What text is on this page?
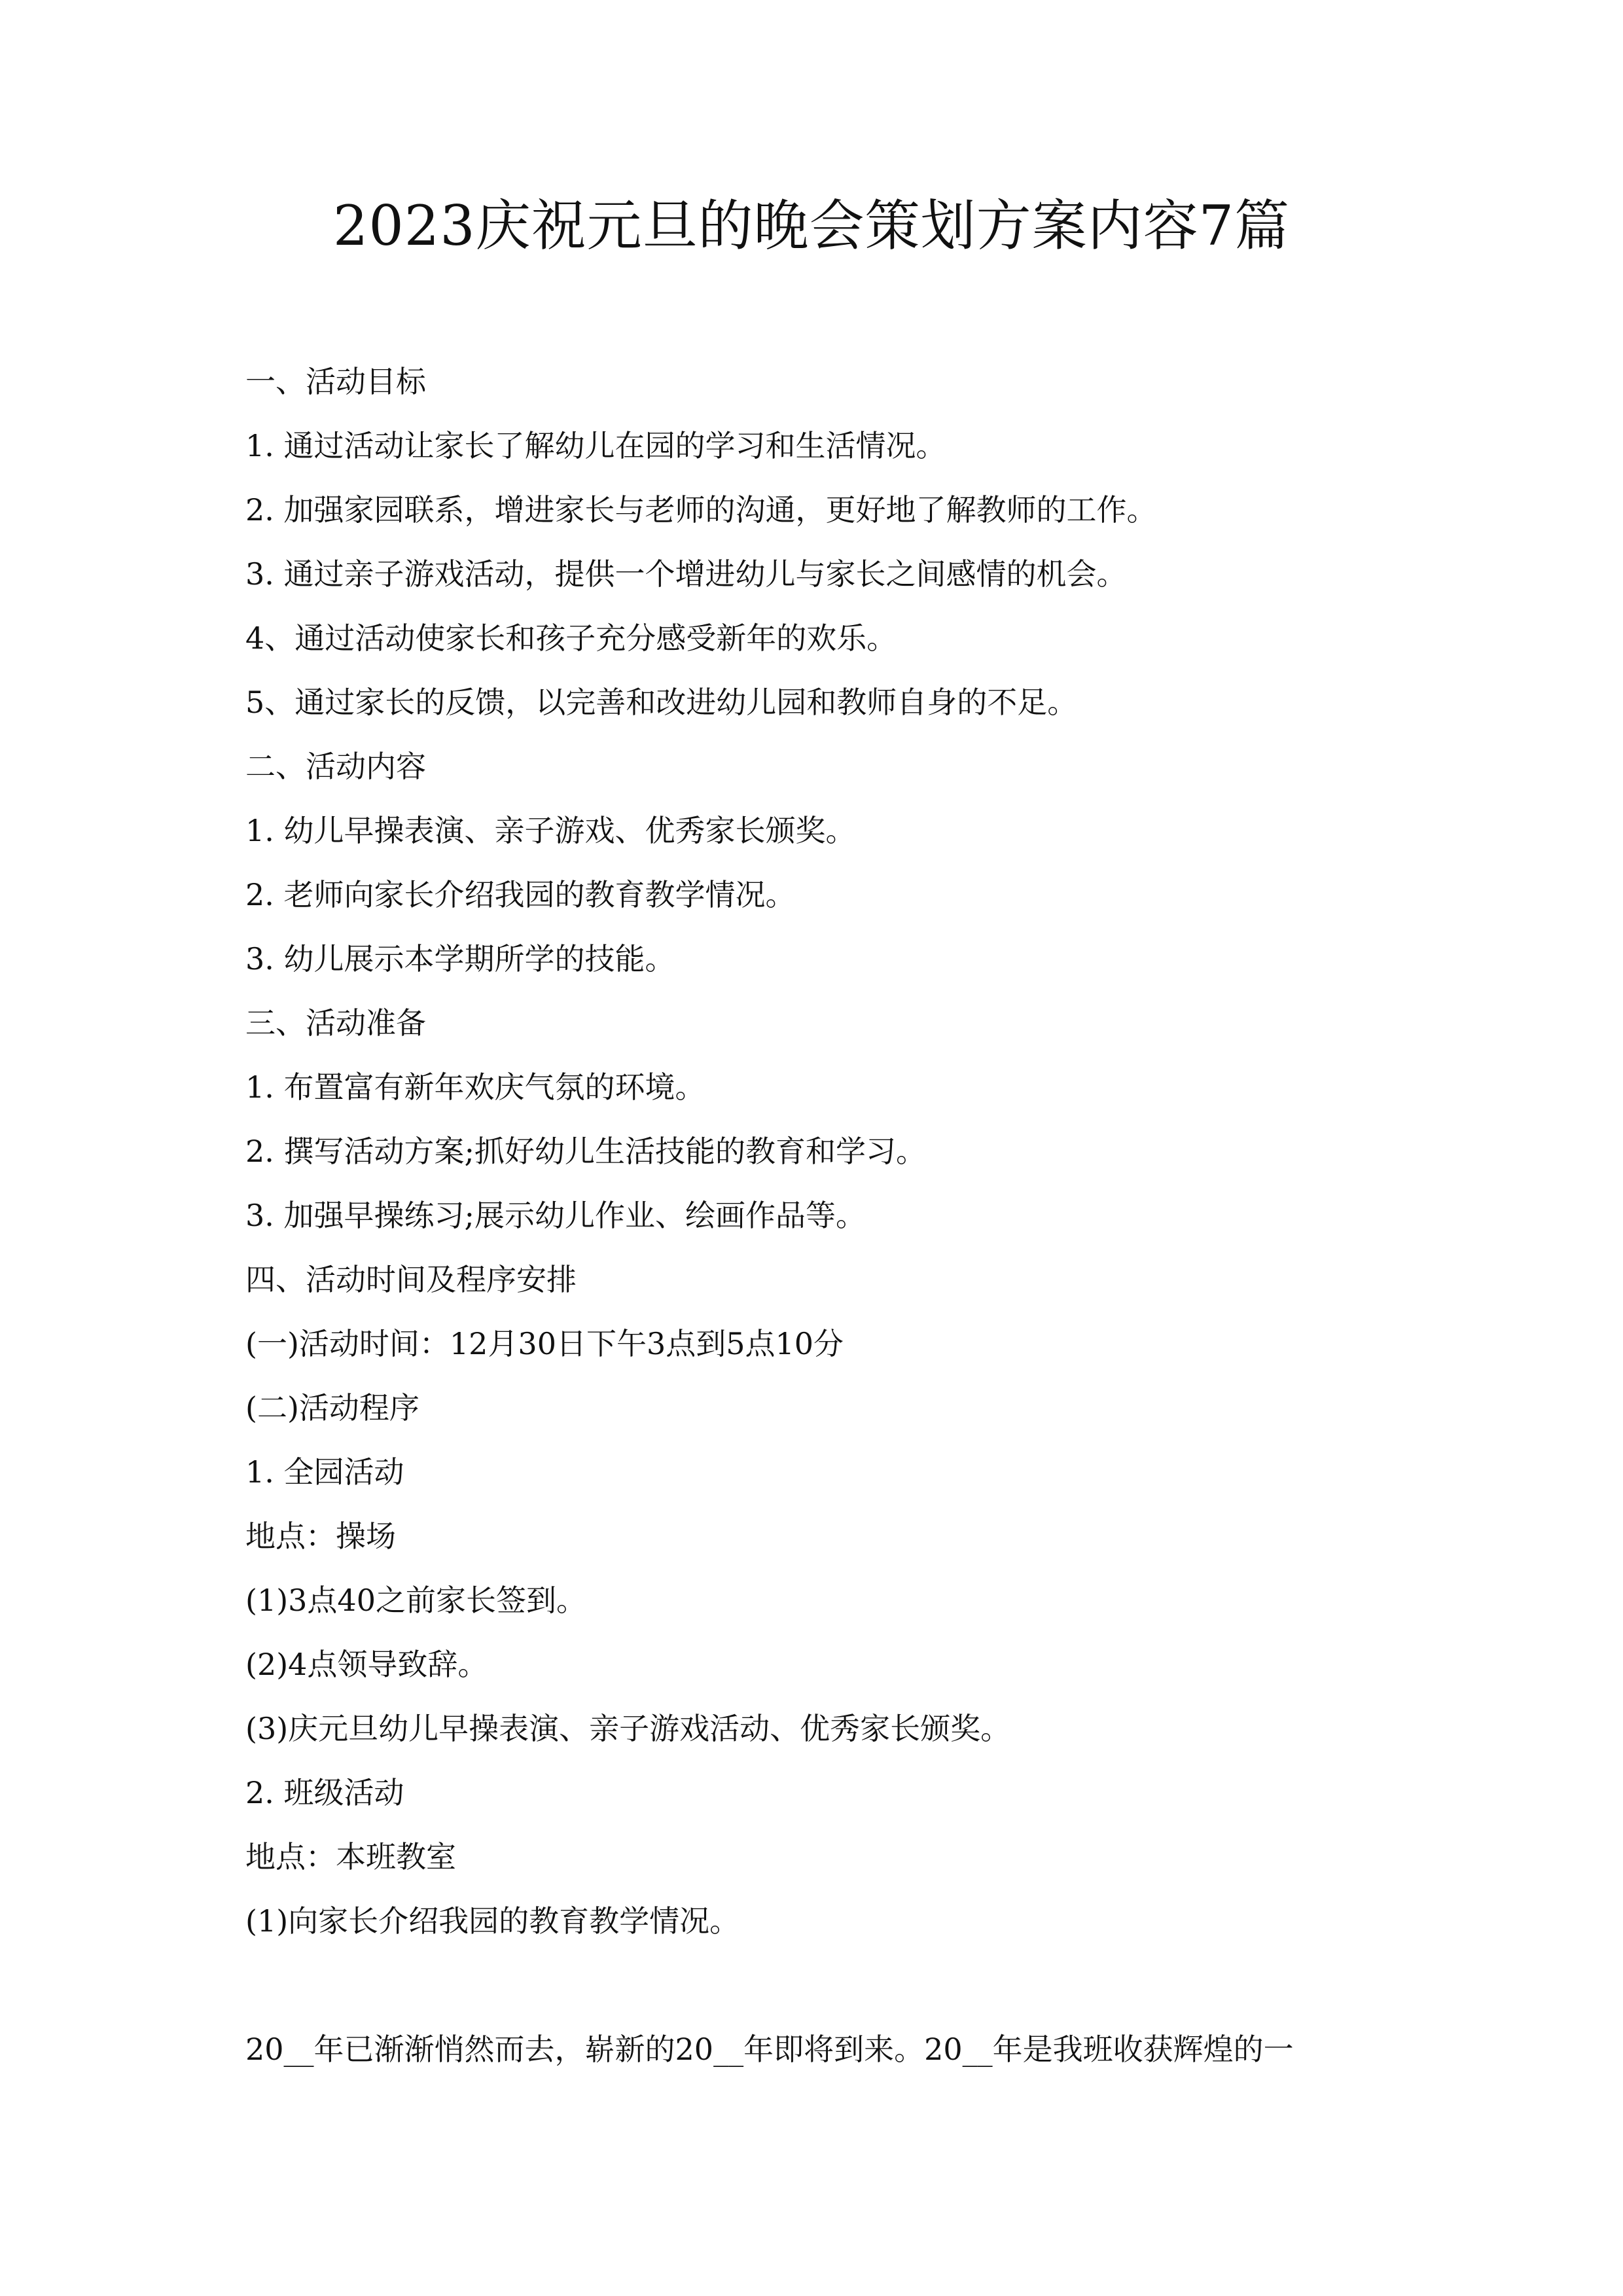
2023庆祝元旦的晚会策划方案内容7篇
一、活动目标
1. 通过活动让家长了解幼儿在园的学习和生活情况。
2. 加强家园联系，增进家长与老师的沟通，更好地了解教师的工作。
3. 通过亲子游戏活动，提供一个增进幼儿与家长之间感情的机会。
4、通过活动使家长和孩子充分感受新年的欢乐。
5、通过家长的反馈，以完善和改进幼儿园和教师自身的不足。
二、活动内容
1. 幼儿早操表演、亲子游戏、优秀家长颁奖。
2. 老师向家长介绍我园的教育教学情况。
3. 幼儿展示本学期所学的技能。
三、活动准备
1. 布置富有新年欢庆气氛的环境。
2. 撰写活动方案;抓好幼儿生活技能的教育和学习。
3. 加强早操练习;展示幼儿作业、绘画作品等。
四、活动时间及程序安排
(一)活动时间：12月30日下午3点到5点10分
(二)活动程序
1. 全园活动
地点：操场
(1)3点40之前家长签到。
(2)4点领导致辞。
(3)庆元旦幼儿早操表演、亲子游戏活动、优秀家长颁奖。
2. 班级活动
地点：本班教室
(1)向家长介绍我园的教育教学情况。
20__年已渐渐悄然而去，崭新的20__年即将到来。20__年是我班收获辉煌的一
